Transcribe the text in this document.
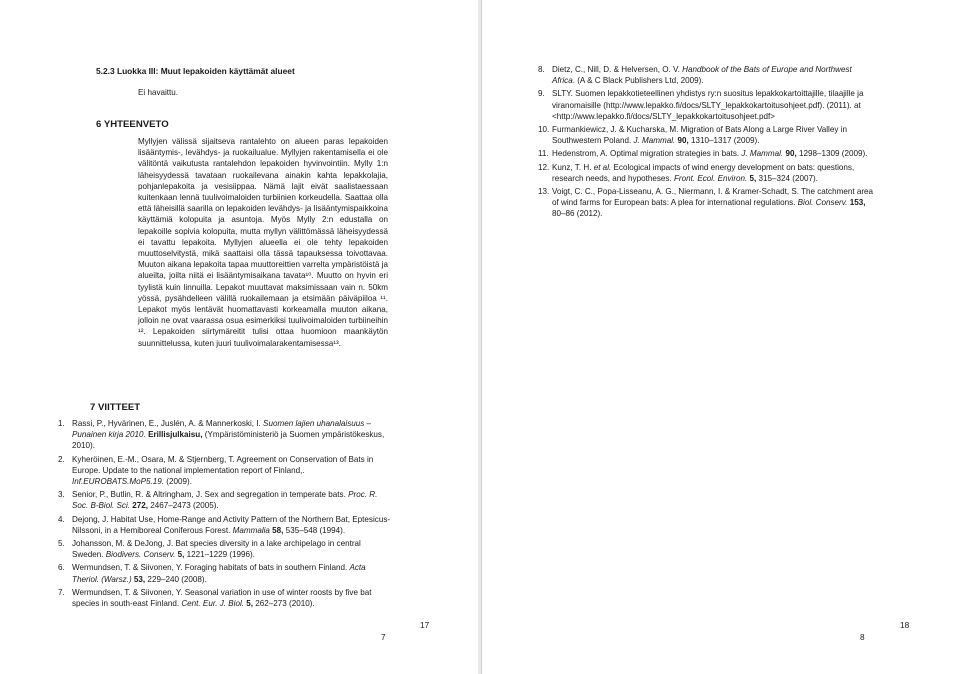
5.2.3 Luokka III: Muut lepakoiden käyttämät alueet
Ei havaittu.
6 YHTEENVETO
Myllyjen välissä sijaitseva rantalehto on alueen paras lepakoiden lisääntymis-, levähdys- ja ruokailualue. Myllyjen rakentamisella ei ole välitöntä vaikutusta rantalehdon lepakoiden hyvinvointiin. Mylly 1:n läheisyydessä tavataan ruokailevana ainakin kahta lepakkolajia, pohjanlepakoita ja vesisiippaa. Nämä lajit eivät saalistaessaan kuitenkaan lennä tuulivoimaloiden turbiinien korkeudella. Saattaa olla että läheisillä saarilla on lepakoiden levähdys- ja lisääntymispaikkoina käyttämiä kolopuita ja asuntoja. Myös Mylly 2:n edustalla on lepakoille sopivia kolopuita, mutta myllyn välittömässä läheisyydessä ei tavattu lepakoita. Myllyjen alueella ei ole tehty lepakoiden muuttoselvitystä, mikä saattaisi olla tässä tapauksessa toivottavaa. Muuton aikana lepakoita tapaa muuttoreittien varrelta ympäristöistä ja alueilta, joilta niitä ei lisääntymisaikana tavata¹⁰. Muutto on hyvin eri tyylistä kuin linnuilla. Lepakot muuttavat maksimissaan vain n. 50km yössä, pysähdelleen välillä ruokailemaan ja etsimään päiväpiiloa ¹¹. Lepakot myös lentävät huomattavasti korkeamalla muuton aikana, jolloin ne ovat vaarassa osua esimerkiksi tuulivoimaloiden turbiineihin ¹². Lepakoiden siirtymäreitit tulisi ottaa huomioon maankäytön suunnittelussa, kuten juuri tuulivoimalarakentamisessa¹³.
7 VIITTEET
1. Rassi, P., Hyvärinen, E., Juslén, A. & Mannerkoski, I. Suomen lajien uhanalaisuus – Punainen kirja 2010. Erillisjulkaisu, (Ympäristöministeriö ja Suomen ympäristökeskus, 2010).
2. Kyheröinen, E.-M., Osara, M. & Stjernberg, T. Agreement on Conservation of Bats in Europe. Update to the national implementation report of Finland,. Inf.EUROBATS.MoP5.19. (2009).
3. Senior, P., Butlin, R. & Altringham, J. Sex and segregation in temperate bats. Proc. R. Soc. B-Biol. Sci. 272, 2467–2473 (2005).
4. Dejong, J. Habitat Use, Home-Range and Activity Pattern of the Northern Bat, Eptesicus-Nilssoni, in a Hemiboreal Coniferous Forest. Mammalia 58, 535–548 (1994).
5. Johansson, M. & DeJong, J. Bat species diversity in a lake archipelago in central Sweden. Biodivers. Conserv. 5, 1221–1229 (1996).
6. Wermundsen, T. & Siivonen, Y. Foraging habitats of bats in southern Finland. Acta Theriol. (Warsz.) 53, 229–240 (2008).
7. Wermundsen, T. & Siivonen, Y. Seasonal variation in use of winter roosts by five bat species in south-east Finland. Cent. Eur. J. Biol. 5, 262–273 (2010).
7
17
8. Dietz, C., Nill, D. & Helversen, O. V. Handbook of the Bats of Europe and Northwest Africa. (A & C Black Publishers Ltd, 2009).
9. SLTY. Suomen lepakkotieteellinen yhdistys ry:n suositus lepakkokartoittajille, tilaajille ja viranomaisille (http://www.lepakko.fi/docs/SLTY_lepakkokartoitusohjeet.pdf). (2011). at <http://www.lepakko.fi/docs/SLTY_lepakkokartoitusohjeet.pdf>
10. Furmankiewicz, J. & Kucharska, M. Migration of Bats Along a Large River Valley in Southwestern Poland. J. Mammal. 90, 1310–1317 (2009).
11. Hedenstrom, A. Optimal migration strategies in bats. J. Mammal. 90, 1298–1309 (2009).
12. Kunz, T. H. et al. Ecological impacts of wind energy development on bats: questions, research needs, and hypotheses. Front. Ecol. Environ. 5, 315–324 (2007).
13. Voigt, C. C., Popa-Lisseanu, A. G., Niermann, I. & Kramer-Schadt, S. The catchment area of wind farms for European bats: A plea for international regulations. Biol. Conserv. 153, 80–86 (2012).
8
18
